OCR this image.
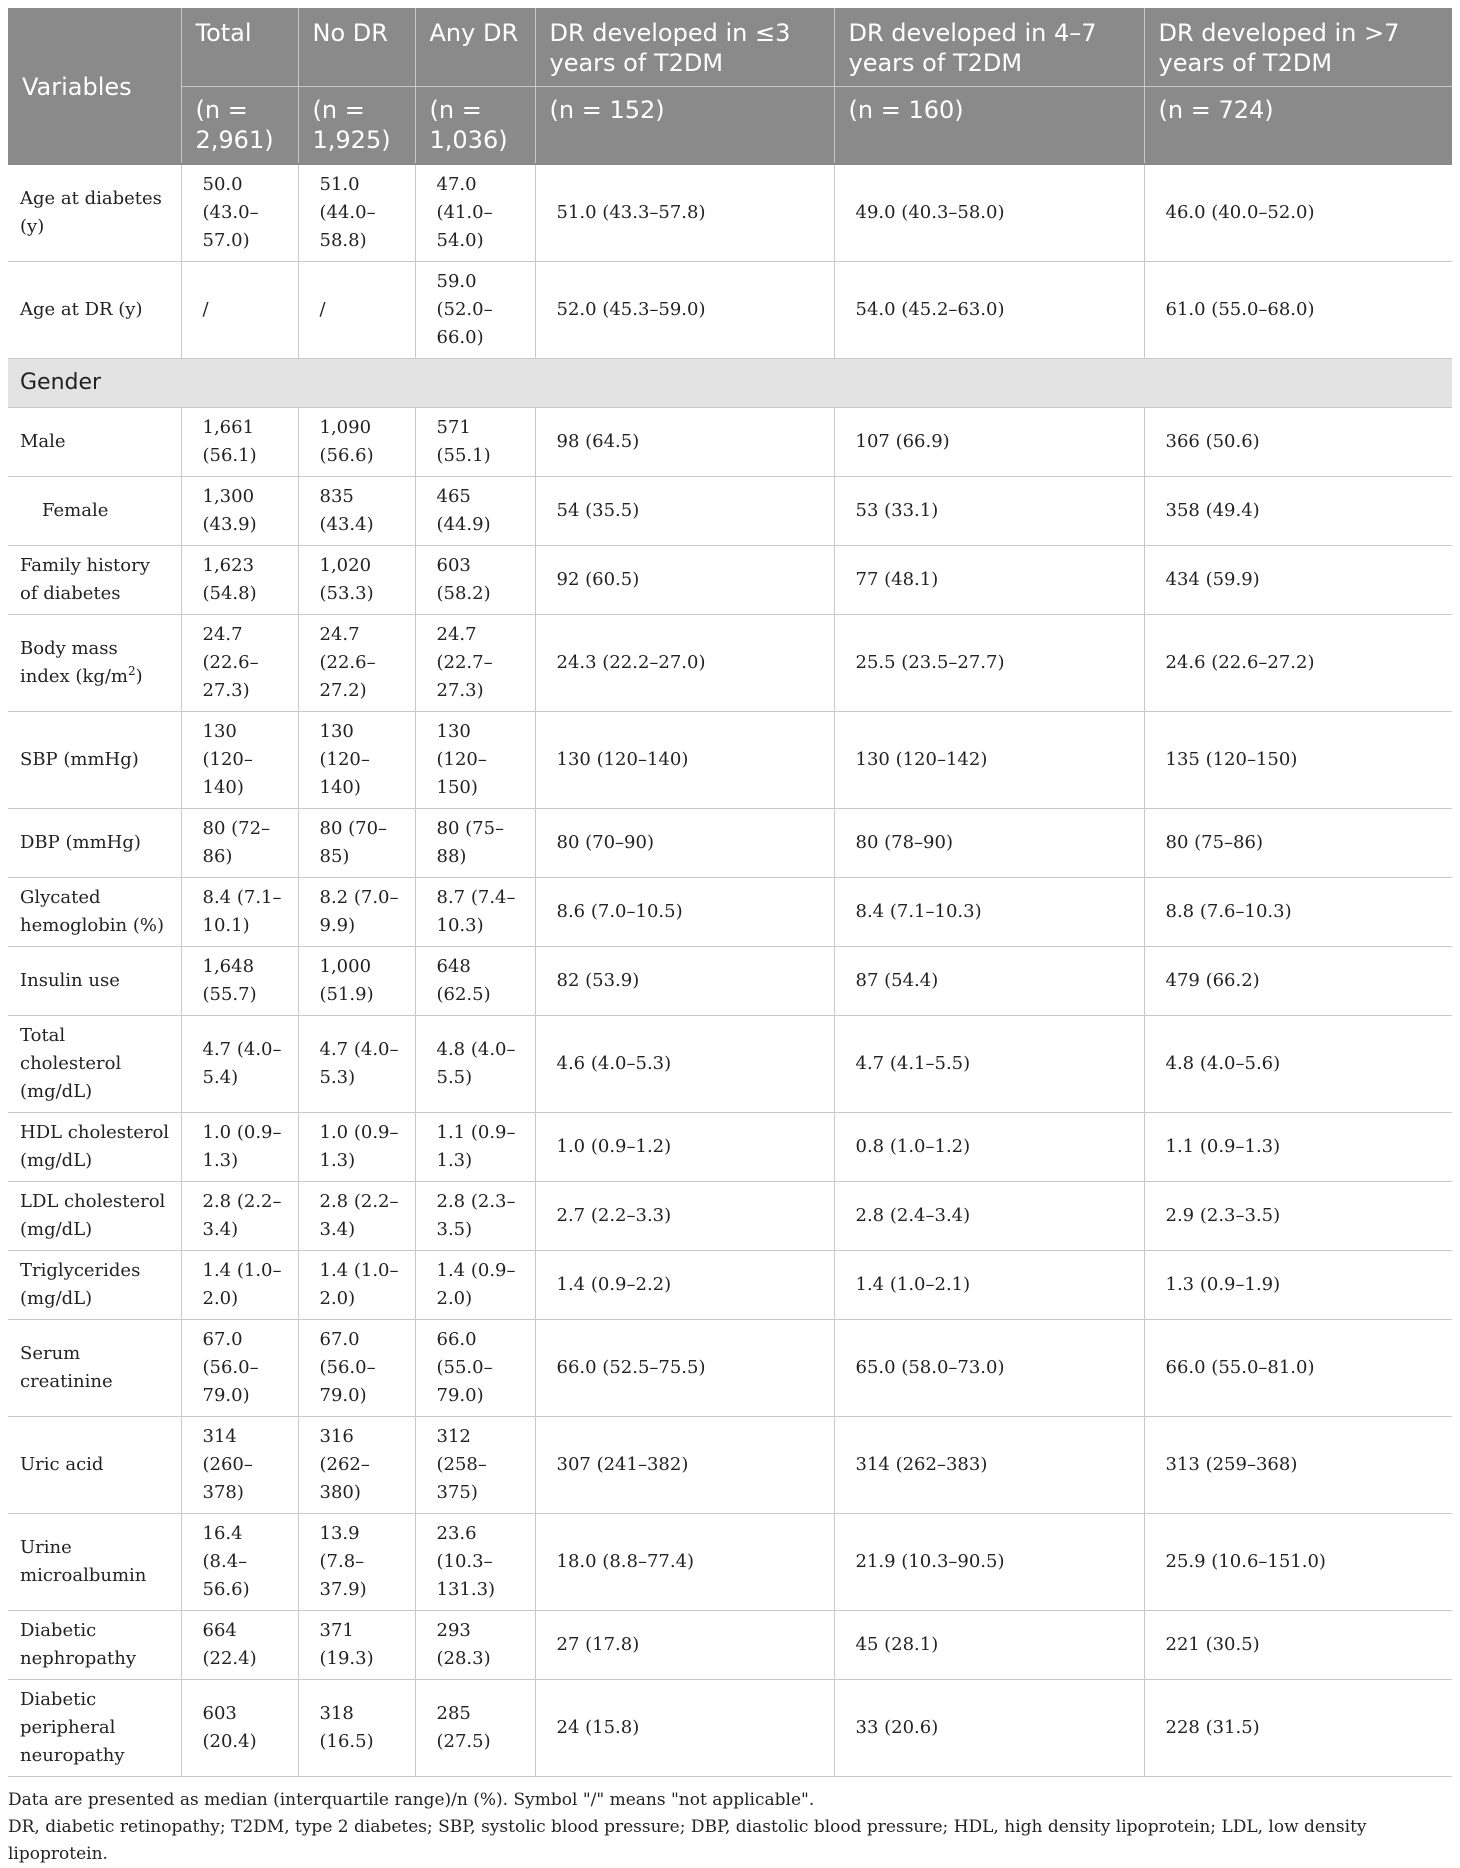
Variables	Total	No DR	Any DR	DR developed in ≤3 years of T2DM	DR developed in 4–7 years of T2DM	DR developed in >7 years of T2DM
	(n = 2,961)	(n = 1,925)	(n = 1,036)	(n = 152)	(n = 160)	(n = 724)
Age at diabetes (y)	50.0 (43.0–57.0)	51.0 (44.0–58.8)	47.0 (41.0–54.0)	51.0 (43.3–57.8)	49.0 (40.3–58.0)	46.0 (40.0–52.0)
Age at DR (y)	/	/	59.0 (52.0–66.0)	52.0 (45.3–59.0)	54.0 (45.2–63.0)	61.0 (55.0–68.0)
Gender						
Male	1,661 (56.1)	1,090 (56.6)	571 (55.1)	98 (64.5)	107 (66.9)	366 (50.6)
Female	1,300 (43.9)	835 (43.4)	465 (44.9)	54 (35.5)	53 (33.1)	358 (49.4)
Family history of diabetes	1,623 (54.8)	1,020 (53.3)	603 (58.2)	92 (60.5)	77 (48.1)	434 (59.9)
Body mass index $(kg/m^2)$	24.7 (22.6–27.3)	24.7 (22.6–27.2)	24.7 (22.7–27.3)	24.3 (22.2–27.0)	25.5 (23.5–27.7)	24.6 (22.6–27.2)
SBP (mmHg)	130 (120–140)	130 (120–140)	130 (120–150)	130 (120–140)	130 (120–142)	135 (120–150)
DBP (mmHg)	80 (72–86)	80 (70–85)	80 (75–88)	80 (70–90)	80 (78–90)	80 (75–86)
Glycated hemoglobin (%)	8.4 (7.1–10.1)	8.2 (7.0–9.9)	8.7 (7.4–10.3)	8.6 (7.0–10.5)	8.4 (7.1–10.3)	8.8 (7.6–10.3)
Insulin use	1,648 (55.7)	1,000 (51.9)	648 (62.5)	82 (53.9)	87 (54.4)	479 (66.2)
Total cholesterol (mg/dL)	4.7 (4.0–5.4)	4.7 (4.0–5.3)	4.8 (4.0–5.5)	4.6 (4.0–5.3)	4.7 (4.1–5.5)	4.8 (4.0–5.6)
HDL cholesterol (mg/dL)	1.0 (0.9–1.3)	1.0 (0.9–1.3)	1.1 (0.9–1.3)	1.0 (0.9–1.2)	0.8 (1.0–1.2)	1.1 (0.9–1.3)
LDL cholesterol (mg/dL)	2.8 (2.2–3.4)	2.8 (2.2–3.4)	2.8 (2.3–3.5)	2.7 (2.2–3.3)	2.8 (2.4–3.4)	2.9 (2.3–3.5)
Triglycerides (mg/dL)	1.4 (1.0–2.0)	1.4 (1.0–2.0)	1.4 (0.9–2.0)	1.4 (0.9–2.2)	1.4 (1.0–2.1)	1.3 (0.9–1.9)
Serum creatinine	67.0 (56.0–79.0)	67.0 (56.0–79.0)	66.0 (55.0–79.0)	66.0 (52.5–75.5)	65.0 (58.0–73.0)	66.0 (55.0–81.0)
Uric acid	314 (260–378)	316 (262–380)	312 (258–375)	307 (241–382)	314 (262–383)	313 (259–368)
Urine microalbumin	16.4 (8.4–56.6)	13.9 (7.8–37.9)	23.6 (10.3–131.3)	18.0 (8.8–77.4)	21.9 (10.3–90.5)	25.9 (10.6–151.0)
Diabetic nephropathy	664 (22.4)	371 (19.3)	293 (28.3)	27 (17.8)	45 (28.1)	221 (30.5)
Diabetic peripheral neuropathy	603 (20.4)	318 (16.5)	285 (27.5)	24 (15.8)	33 (20.6)	228 (31.5)
Data are presented as median (interquartile range)/n (%). Symbol "/" means "not applicable".
DR, diabetic retinopathy; T2DM, type 2 diabetes; SBP, systolic blood pressure; DBP, diastolic blood pressure; HDL, high density lipoprotein; LDL, low density lipoprotein.
